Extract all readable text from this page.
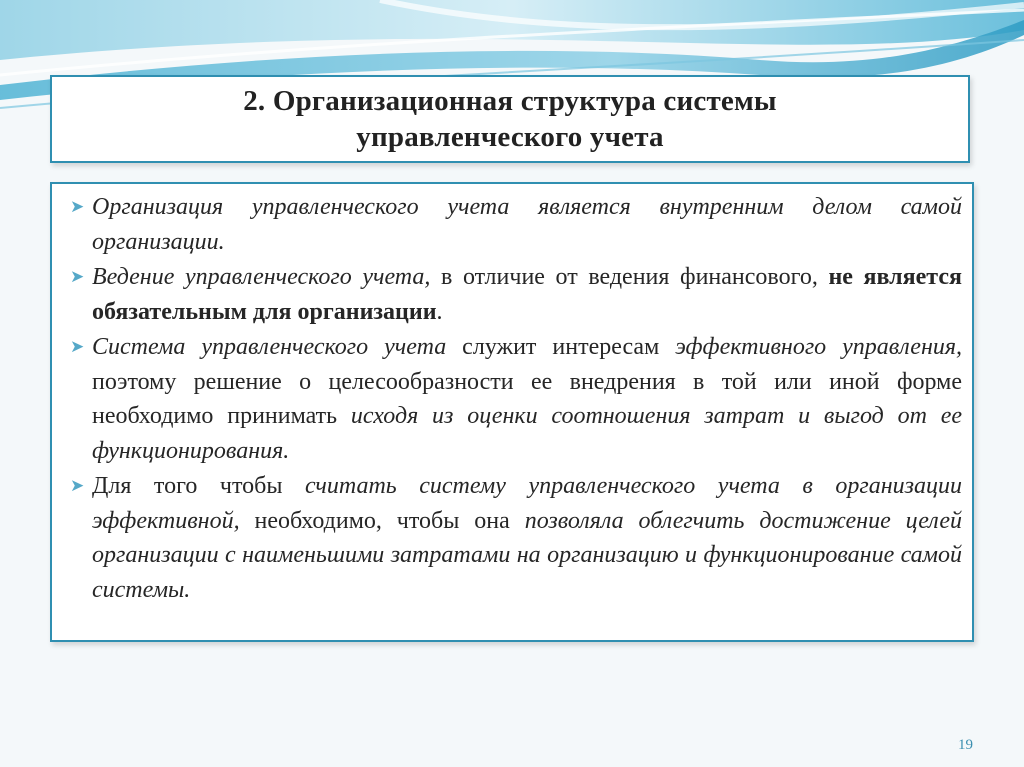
2. Организационная структура системы
управленческого учета
➤ Организация управленческого учета является внутренним делом самой организации.
➤ Ведение управленческого учета, в отличие от ведения финансового, не является обязательным для организации.
➤ Система управленческого учета служит интересам эффективного управления, поэтому решение о целесообразности ее внедрения в той или иной форме необходимо принимать исходя из оценки соотношения затрат и выгод от ее функционирования.
➤ Для того чтобы считать систему управленческого учета в организации эффективной, необходимо, чтобы она позволяла облегчить достижение целей организации с наименьшими затратами на организацию и функционирование самой системы.
19
